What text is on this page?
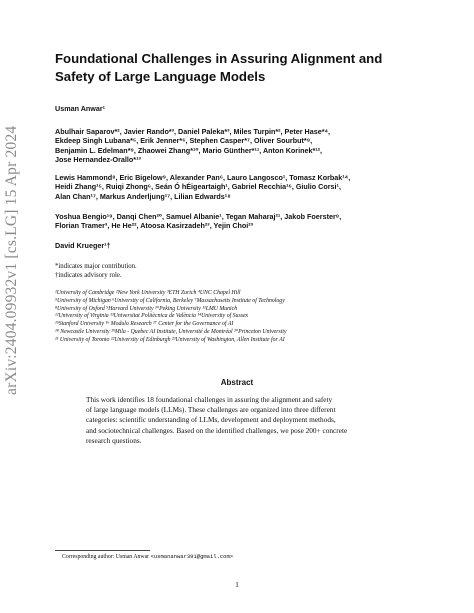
arXiv:2404.09932v1 [cs.LG] 15 Apr 2024
Foundational Challenges in Assuring Alignment and
Safety of Large Language Models
Usman Anwar¹
Abulhair Saparov*², Javier Rando*³, Daniel Paleka*³, Miles Turpin*², Peter Hase*⁴,
Ekdeep Singh Lubana*⁵, Erik Jenner*⁶, Stephen Casper*⁷, Oliver Sourbut*⁸,
Benjamin L. Edelman*⁹, Zhaowei Zhang*¹⁰, Mario Günther*¹¹, Anton Korinek*¹²,
Jose Hernandez-Orallo*¹³
Lewis Hammond⁸, Eric Bigelow⁹, Alexander Pan⁶, Lauro Langosco¹, Tomasz Korbak¹⁴,
Heidi Zhang¹⁵, Ruiqi Zhong⁶, Seán Ó hÉigeartaigh¹, Gabriel Recchia¹⁶, Giulio Corsi¹,
Alan Chan¹⁷, Markus Anderljung¹⁷, Lilian Edwards¹⁸
Yoshua Bengio¹⁹, Danqi Chen²⁰, Samuel Albanie¹, Tegan Maharaj²¹, Jakob Foerster⁸,
Florian Tramer³, He He²², Atoosa Kasirzadeh²³, Yejin Choi²³
David Krueger¹†
*indicates major contribution.
†indicates advisory role.
¹University of Cambridge ²New York University ³ETH Zurich ⁴UNC Chapel Hill
⁵University of Michigan ⁶University of California, Berkeley ⁷Massachusetts Institute of Technology
⁸University of Oxford ⁹Harvard University ¹⁰Peking University ¹¹LMU Munich
¹²University of Virginia ¹³Universitat Politècnica de València ¹⁴University of Sussex
¹⁵Stanford University ¹⁶ Modulo Research ¹⁷ Center for the Governance of AI
¹⁸ Newcastle University ¹⁹Mila - Quebec AI Institute, Université de Montréal ²⁰Princeton University
²¹ University of Toronto ²²University of Edinburgh ²³University of Washington, Allen Institute for AI
Abstract
This work identifies 18 foundational challenges in assuring the alignment and safety
of large language models (LLMs). These challenges are organized into three different
categories: scientific understanding of LLMs, development and deployment methods,
and sociotechnical challenges. Based on the identified challenges, we pose 200+ concrete
research questions.
Corresponding author: Usman Anwar <usmananwar391@gmail.com>
1
